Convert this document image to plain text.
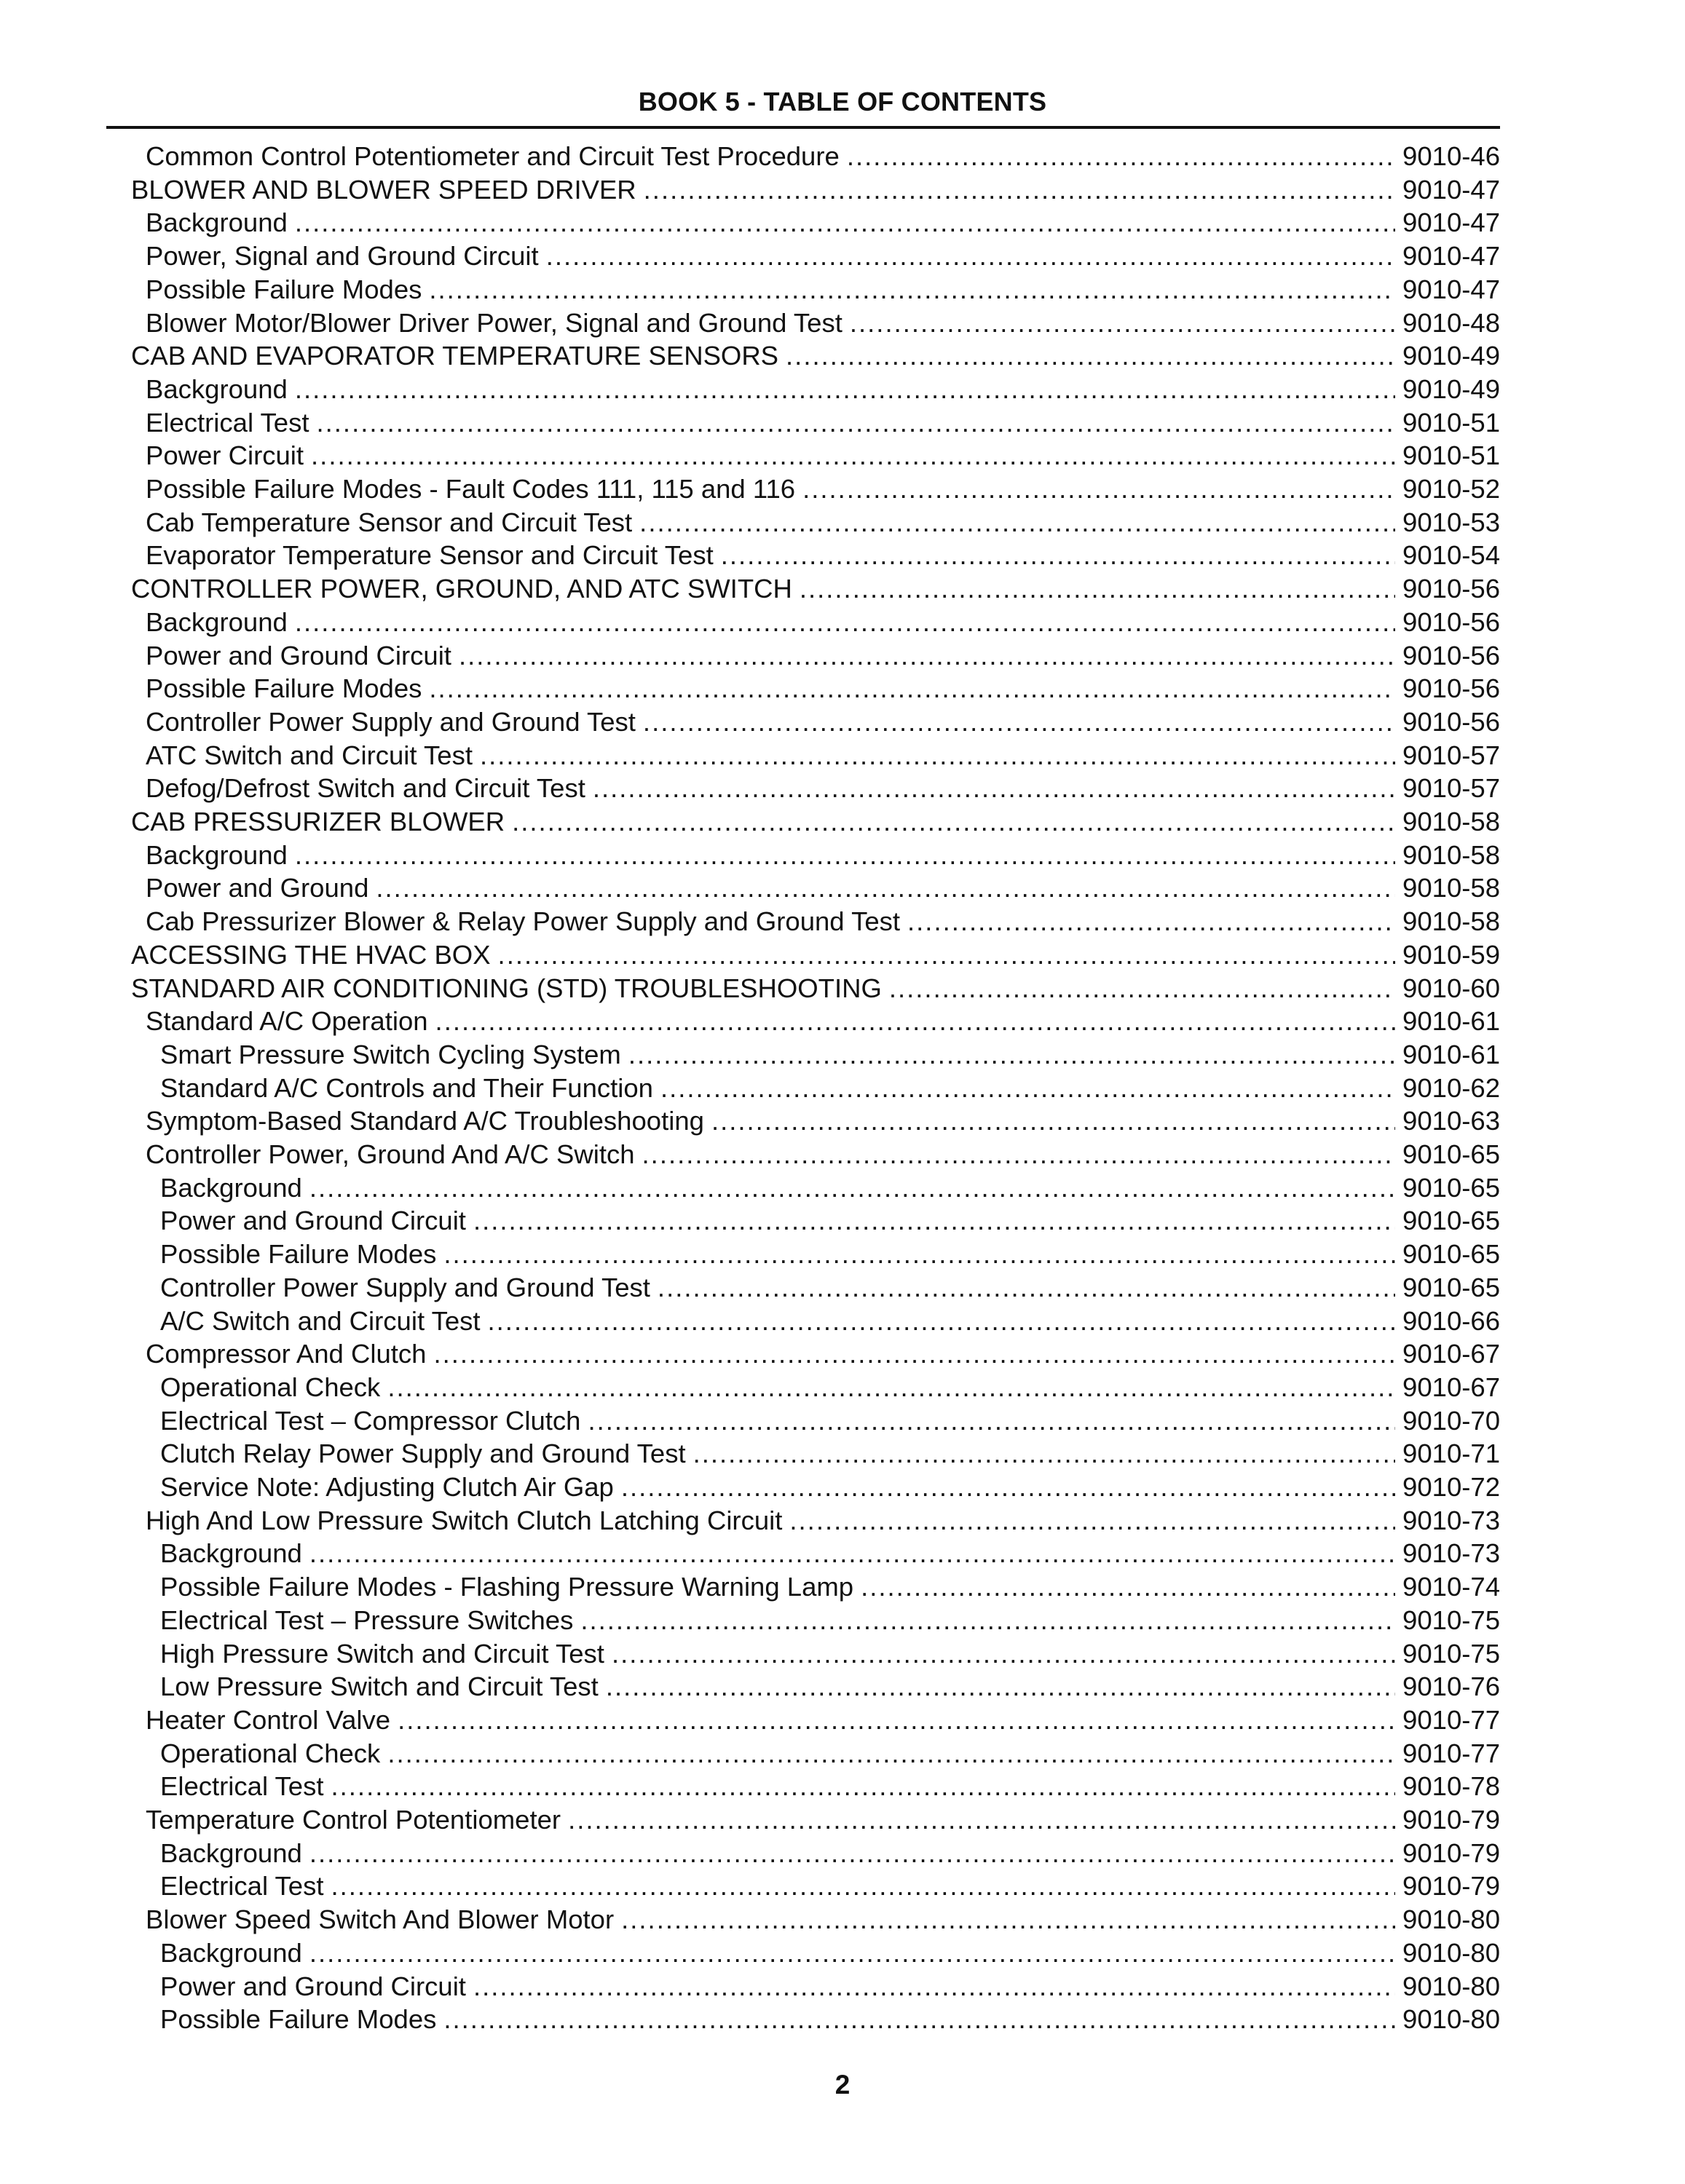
BOOK 5 - TABLE OF CONTENTS
Common Control Potentiometer and Circuit Test Procedure .....	9010-46
BLOWER AND BLOWER SPEED DRIVER .....	9010-47
Background .....	9010-47
Power, Signal and Ground Circuit .....	9010-47
Possible Failure Modes .....	9010-47
Blower Motor/Blower Driver Power, Signal and Ground Test .....	9010-48
CAB AND EVAPORATOR TEMPERATURE SENSORS .....	9010-49
Background .....	9010-49
Electrical Test .....	9010-51
Power Circuit .....	9010-51
Possible Failure Modes - Fault Codes 111, 115 and 116 .....	9010-52
Cab Temperature Sensor and Circuit Test .....	9010-53
Evaporator Temperature Sensor and Circuit Test .....	9010-54
CONTROLLER POWER, GROUND, AND ATC SWITCH .....	9010-56
Background .....	9010-56
Power and Ground Circuit .....	9010-56
Possible Failure Modes .....	9010-56
Controller Power Supply and Ground Test .....	9010-56
ATC Switch and Circuit Test .....	9010-57
Defog/Defrost Switch and Circuit Test .....	9010-57
CAB PRESSURIZER BLOWER .....	9010-58
Background .....	9010-58
Power and Ground .....	9010-58
Cab Pressurizer Blower & Relay Power Supply and Ground Test .....	9010-58
ACCESSING THE HVAC BOX .....	9010-59
STANDARD AIR CONDITIONING (STD) TROUBLESHOOTING .....	9010-60
Standard A/C Operation .....	9010-61
Smart Pressure Switch Cycling System .....	9010-61
Standard A/C Controls and Their Function .....	9010-62
Symptom-Based Standard A/C Troubleshooting .....	9010-63
Controller Power, Ground And A/C Switch .....	9010-65
Background .....	9010-65
Power and Ground Circuit .....	9010-65
Possible Failure Modes .....	9010-65
Controller Power Supply and Ground Test .....	9010-65
A/C Switch and Circuit Test .....	9010-66
Compressor And Clutch .....	9010-67
Operational Check .....	9010-67
Electrical Test – Compressor Clutch .....	9010-70
Clutch Relay Power Supply and Ground Test .....	9010-71
Service Note: Adjusting Clutch Air Gap .....	9010-72
High And Low Pressure Switch Clutch Latching Circuit .....	9010-73
Background .....	9010-73
Possible Failure Modes - Flashing Pressure Warning Lamp .....	9010-74
Electrical Test – Pressure Switches .....	9010-75
High Pressure Switch and Circuit Test .....	9010-75
Low Pressure Switch and Circuit Test .....	9010-76
Heater Control Valve .....	9010-77
Operational Check .....	9010-77
Electrical Test .....	9010-78
Temperature Control Potentiometer .....	9010-79
Background .....	9010-79
Electrical Test .....	9010-79
Blower Speed Switch And Blower Motor .....	9010-80
Background .....	9010-80
Power and Ground Circuit .....	9010-80
Possible Failure Modes .....	9010-80
2
